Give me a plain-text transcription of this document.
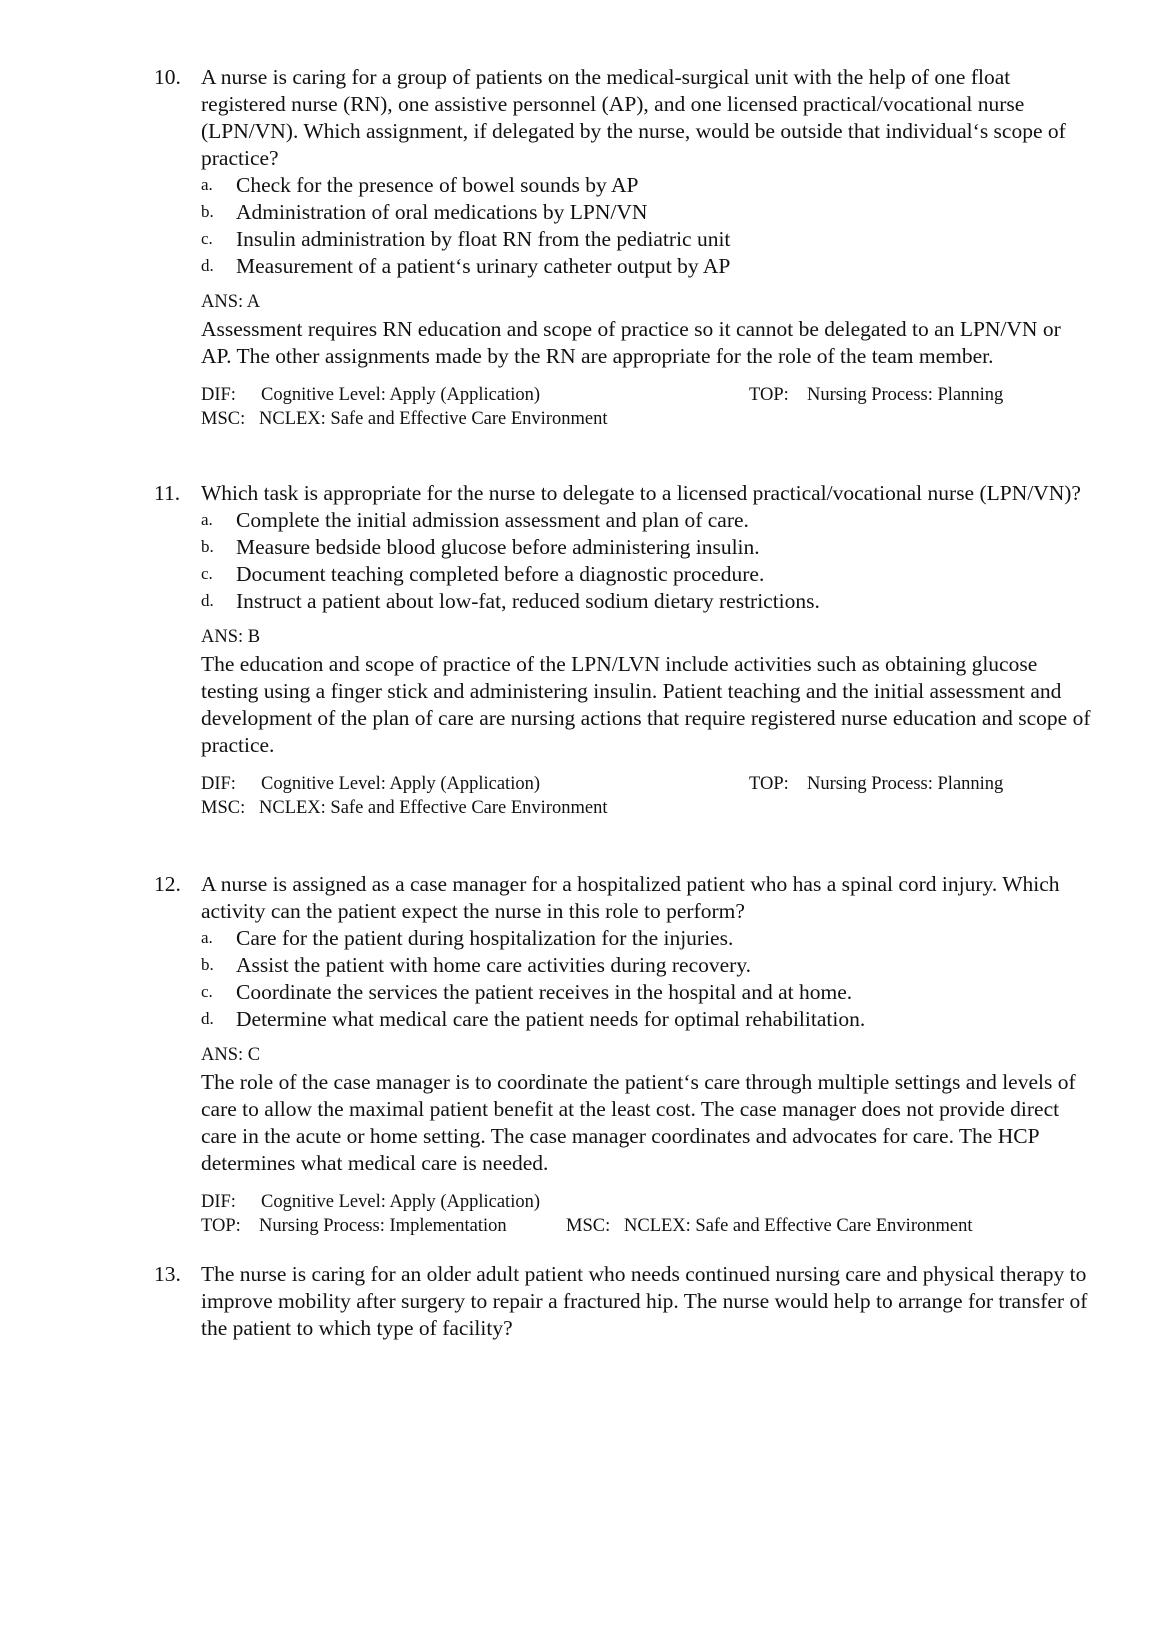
10. A nurse is caring for a group of patients on the medical-surgical unit with the help of one float registered nurse (RN), one assistive personnel (AP), and one licensed practical/vocational nurse (LPN/VN). Which assignment, if delegated by the nurse, would be outside that individual‘s scope of practice?
a. Check for the presence of bowel sounds by AP
b. Administration of oral medications by LPN/VN
c. Insulin administration by float RN from the pediatric unit
d. Measurement of a patient‘s urinary catheter output by AP
ANS: A
Assessment requires RN education and scope of practice so it cannot be delegated to an LPN/VN or AP. The other assignments made by the RN are appropriate for the role of the team member.
DIF: Cognitive Level: Apply (Application)	TOP: Nursing Process: Planning
MSC: NCLEX: Safe and Effective Care Environment
11. Which task is appropriate for the nurse to delegate to a licensed practical/vocational nurse (LPN/VN)?
a. Complete the initial admission assessment and plan of care.
b. Measure bedside blood glucose before administering insulin.
c. Document teaching completed before a diagnostic procedure.
d. Instruct a patient about low-fat, reduced sodium dietary restrictions.
ANS: B
The education and scope of practice of the LPN/LVN include activities such as obtaining glucose testing using a finger stick and administering insulin. Patient teaching and the initial assessment and development of the plan of care are nursing actions that require registered nurse education and scope of practice.
DIF: Cognitive Level: Apply (Application)	TOP: Nursing Process: Planning
MSC: NCLEX: Safe and Effective Care Environment
12. A nurse is assigned as a case manager for a hospitalized patient who has a spinal cord injury. Which activity can the patient expect the nurse in this role to perform?
a. Care for the patient during hospitalization for the injuries.
b. Assist the patient with home care activities during recovery.
c. Coordinate the services the patient receives in the hospital and at home.
d. Determine what medical care the patient needs for optimal rehabilitation.
ANS: C
The role of the case manager is to coordinate the patient‘s care through multiple settings and levels of care to allow the maximal patient benefit at the least cost. The case manager does not provide direct care in the acute or home setting. The case manager coordinates and advocates for care. The HCP determines what medical care is needed.
DIF: Cognitive Level: Apply (Application)
TOP: Nursing Process: Implementation	MSC: NCLEX: Safe and Effective Care Environment
13. The nurse is caring for an older adult patient who needs continued nursing care and physical therapy to improve mobility after surgery to repair a fractured hip. The nurse would help to arrange for transfer of the patient to which type of facility?
